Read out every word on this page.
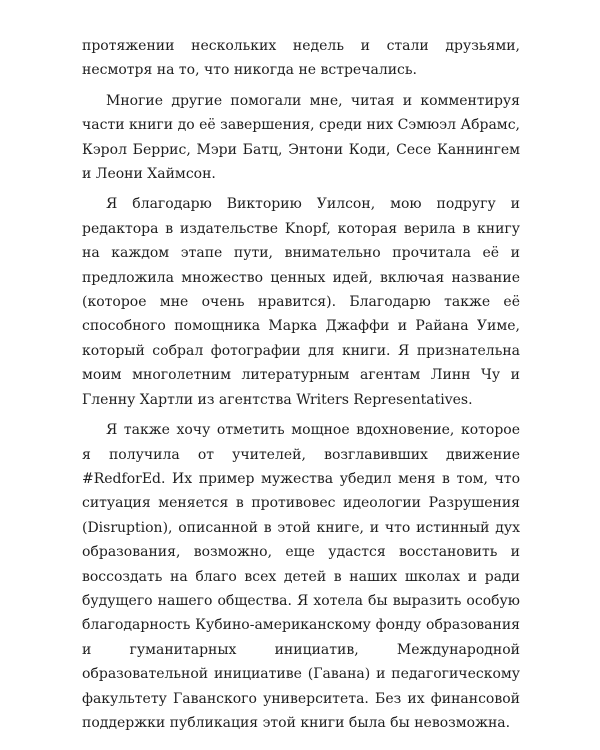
протяжении нескольких недель и стали друзьями, несмотря на то, что никогда не встречались.

Многие другие помогали мне, читая и комментируя части книги до её завершения, среди них Сэмюэл Абрамс, Кэрол Беррис, Мэри Батц, Энтони Коди, Сесе Каннингем и Леони Хаймсон.

Я благодарю Викторию Уилсон, мою подругу и редактора в издательстве Knopf, которая верила в книгу на каждом этапе пути, внимательно прочитала её и предложила множество ценных идей, включая название (которое мне очень нравится). Благодарю также её способного помощника Марка Джаффи и Райана Уиме, который собрал фотографии для книги. Я признательна моим многолетним литературным агентам Линн Чу и Гленну Хартли из агентства Writers Representatives.

Я также хочу отметить мощное вдохновение, которое я получила от учителей, возглавивших движение #RedforEd. Их пример мужества убедил меня в том, что ситуация меняется в противовес идеологии Разрушения (Disruption), описанной в этой книге, и что истинный дух образования, возможно, еще удастся восстановить и воссоздать на благо всех детей в наших школах и ради будущего нашего общества. Я хотела бы выразить особую благодарность Кубино-американскому фонду образования и гуманитарных инициатив, Международной образовательной инициативе (Гавана) и педагогическому факультету Гаванского университета. Без их финансовой поддержки публикация этой книги была бы невозможна.
